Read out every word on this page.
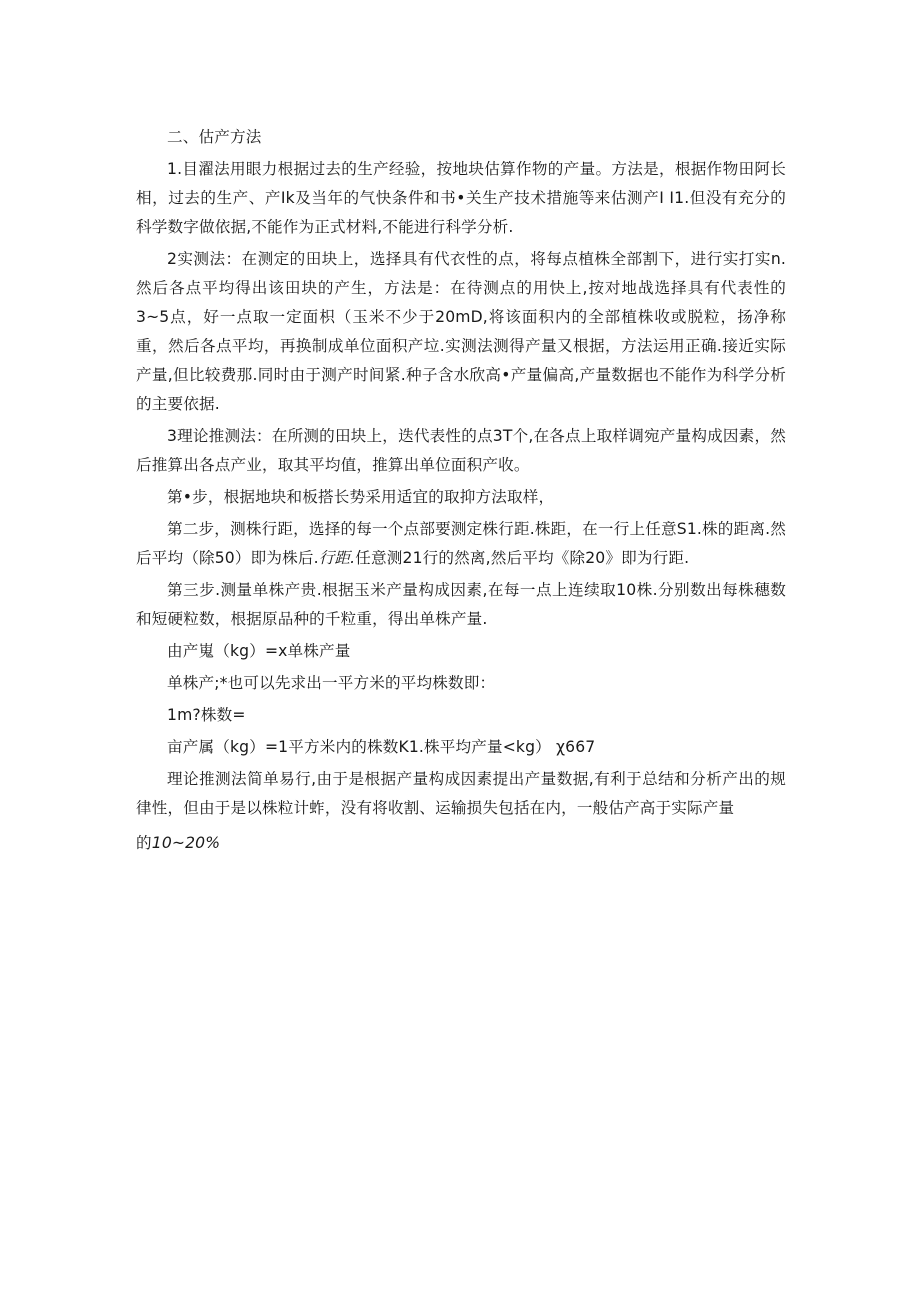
二、估产方法

1.目濯法用眼力根据过去的生产经验，按地块估算作物的产量。方法是，根据作物田阿长相，过去的生产、产Ik及当年的气快条件和书•关生产技术措施等来估测产I I1.但没有充分的科学数字做依据,不能作为正式材料,不能进行科学分析.

2实测法：在测定的田块上，选择具有代衣性的点，将每点植株全部割下，进行实打实n.然后各点平均得出该田块的产生，方法是：在待测点的用快上,按对地战选择具有代表性的3~5点，好一点取一定面枳（玉米不少于20mD,将该面积内的全部植株收或脱粒，扬净称重，然后各点平均，再换制成单位面积产垃.实测法测得产量又根据，方法运用正确.接近实际产量,但比较费那.同时由于测产时间紧.种子含水欣高•产量偏高,产量数据也不能作为科学分析的主要依据.

3理论推测法：在所测的田块上，迭代表性的点3T个,在各点上取样调宛产量构成因素，然后推算出各点产业，取其平均值，推算出单位面积产收。

第•步，根据地块和板搭长势采用适宜的取抑方法取样，

第二步，测株行距，选择的每一个点部要测定株行距.株距，在一行上任意S1.株的距离.然后平均（除50）即为株后.行距.任意测21行的然离,然后平均《除20》即为行距.

第三步.测量单株产贵.根据玉米产量构成因素,在每一点上连续取10株.分别数出每株穗数和短硬粒数，根据原品种的千粒重，得出单株产量.

由产嵬（kg）=x单株产量

单株产;*也可以先求出一平方米的平均株数即：

1m?株数=

亩产属（kg）=1平方米内的株数K1.株平均产量<kg） χ667

理论推测法简单易行,由于是根据产量构成因素提出产量数据,有利于总结和分析产出的规律性，但由于是以株粒计蚱，没有将收割、运输损失包括在内，一般估产高于实际产量

的10~20%
